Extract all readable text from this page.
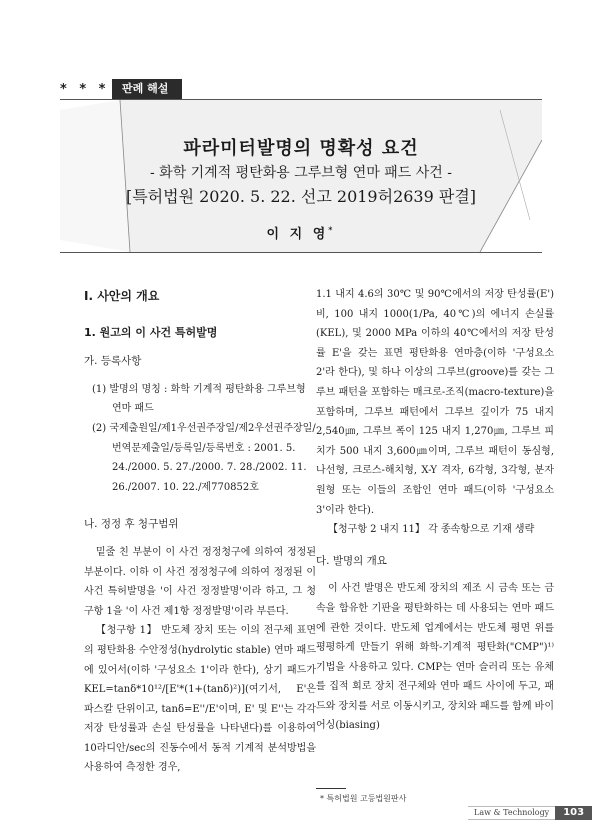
* * *	판례 해설
파라미터발명의 명확성 요건
- 화학 기계적 평탄화용 그루브형 연마 패드 사건 -
[특허법원 2020. 5. 22. 선고 2019허2639 판결]
이 지 영*
I. 사안의 개요
1. 원고의 이 사건 특허발명
가. 등록사항

(1) 발명의 명칭 : 화학 기계적 평탄화용 그루브형 연마 패드

(2) 국제출원일/제1우선권주장일/제2우선권주장일/번역문제출일/등록일/등록번호 : 2001. 5. 24./2000. 5. 27./2000. 7. 28./2002. 11. 26./2007. 10. 22./제770852호

나. 정정 후 청구범위

밑줄 친 부분이 이 사건 정정청구에 의하여 정정된 부분이다. 이하 이 사건 정정청구에 의하여 정정된 이 사건 특허발명을 '이 사건 정정발명'이라 하고, 그 청구항 1을 '이 사건 제1항 정정발명'이라 부른다.

【청구항 1】 반도체 장치 또는 이의 전구체 표면의 평탄화용 수안정성(hydrolytic stable) 연마 패드에 있어서(이하 '구성요소 1'이라 한다), 상기 패드가 KEL=tanδ*10¹²/[E'*(1+(tanδ)²)](여기서, E'은 파스칼 단위이고, tanδ=E''/E'이며, E' 및 E''는 각각 저장 탄성률과 손실 탄성률을 나타낸다)를 이용하여 10라디안/sec의 진동수에서 동적 기계적 분석방법을 사용하여 측정한 경우,

1.1 내지 4.6의 30℃ 및 90℃에서의 저장 탄성률(E') 비, 100 내지 1000(1/Pa, 40℃)의 에너지 손실률(KEL), 및 2000 MPa 이하의 40℃에서의 저장 탄성률 E'을 갖는 표면 평탄화용 연마층(이하 '구성요소 2'라 한다), 및 하나 이상의 그루브(groove)를 갖는 그루브 패턴을 포함하는 매크로-조직(macro-texture)을 포함하며, 그루브 패턴에서 그루브 깊이가 75 내지 2,540㎛, 그루브 폭이 125 내지 1,270㎛, 그루브 피치가 500 내지 3,600㎛이며, 그루브 패턴이 동심형, 나선형, 크로스-해치형, X-Y 격자, 6각형, 3각형, 분자원형 또는 이들의 조합인 연마 패드(이하 '구성요소 3'이라 한다).

【청구항 2 내지 11】 각 종속항으로 기재 생략

다. 발명의 개요

이 사건 발명은 반도체 장치의 제조 시 금속 또는 금속을 함유한 기판을 평탄화하는 데 사용되는 연마 패드에 관한 것이다. 반도체 업계에서는 반도체 평면 위를 평평하게 만들기 위해 화학-기계적 평탄화("CMP")¹⁾ 기법을 사용하고 있다. CMP는 연마 슬러리 또는 유체를 집적 회로 장치 전구체와 연마 패드 사이에 두고, 패드와 장치를 서로 이동시키고, 장치와 패드를 함께 바이어싱(biasing)

* 특허법원 고등법원판사
Law & Technology	103
